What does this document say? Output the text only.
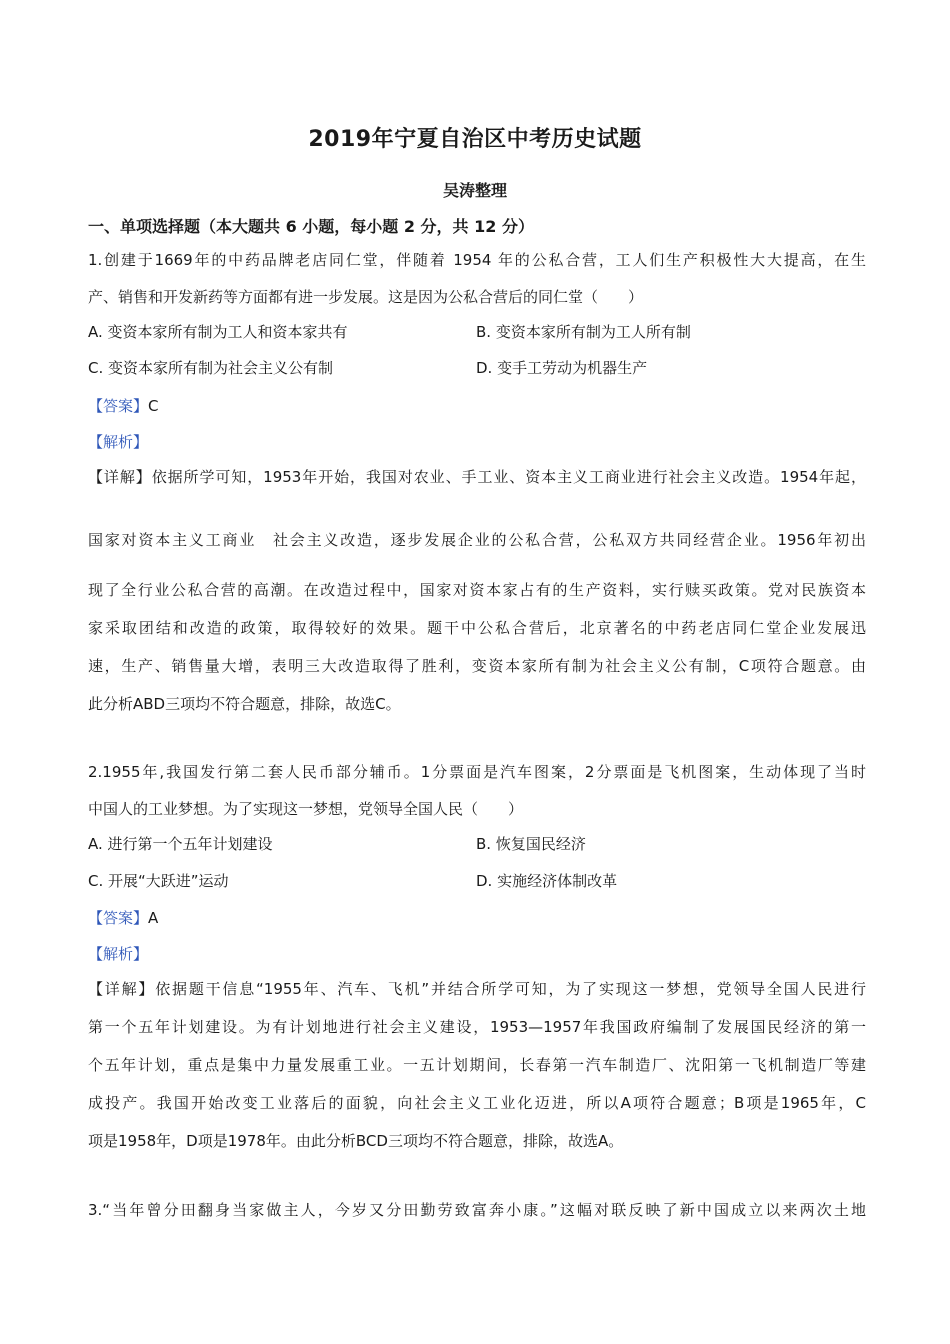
2019年宁夏自治区中考历史试题
吴涛整理
一、单项选择题（本大题共 6 小题，每小题 2 分，共 12 分）
1.创建于1669年的中药品牌老店同仁堂，伴随着 1954 年的公私合营，工人们生产积极性大大提高，在生
产、销售和开发新药等方面都有进一步发展。这是因为公私合营后的同仁堂（　　）
A. 变资本家所有制为工人和资本家共有	B. 变资本家所有制为工人所有制
C. 变资本家所有制为社会主义公有制	D. 变手工劳动为机器生产
【答案】C
【解析】
【详解】依据所学可知，1953年开始，我国对农业、手工业、资本主义工商业进行社会主义改造。1954年起，
国家对资本主义工商业　社会主义改造，逐步发展企业的公私合营，公私双方共同经营企业。1956年初出
现了全行业公私合营的高潮。在改造过程中，国家对资本家占有的生产资料，实行赎买政策。党对民族资本
家采取团结和改造的政策，取得较好的效果。题干中公私合营后，北京著名的中药老店同仁堂企业发展迅
速，生产、销售量大增，表明三大改造取得了胜利，变资本家所有制为社会主义公有制，C项符合题意。由
此分析ABD三项均不符合题意，排除，故选C。
2.1955年,我国发行第二套人民币部分辅币。1分票面是汽车图案，2分票面是飞机图案，生动体现了当时
中国人的工业梦想。为了实现这一梦想，党领导全国人民（　　）
A. 进行第一个五年计划建设	B. 恢复国民经济
C. 开展“大跃进”运动	D. 实施经济体制改革
【答案】A
【解析】
【详解】依据题干信息“1955年、汽车、飞机”并结合所学可知，为了实现这一梦想，党领导全国人民进行
第一个五年计划建设。为有计划地进行社会主义建设，1953—1957年我国政府编制了发展国民经济的第一
个五年计划，重点是集中力量发展重工业。一五计划期间，长春第一汽车制造厂、沈阳第一飞机制造厂等建
成投产。我国开始改变工业落后的面貌，向社会主义工业化迈进，所以A项符合题意；B项是1965年，C
项是1958年，D项是1978年。由此分析BCD三项均不符合题意，排除，故选A。
3.“当年曾分田翻身当家做主人，今岁又分田勤劳致富奔小康。”这幅对联反映了新中国成立以来两次土地
